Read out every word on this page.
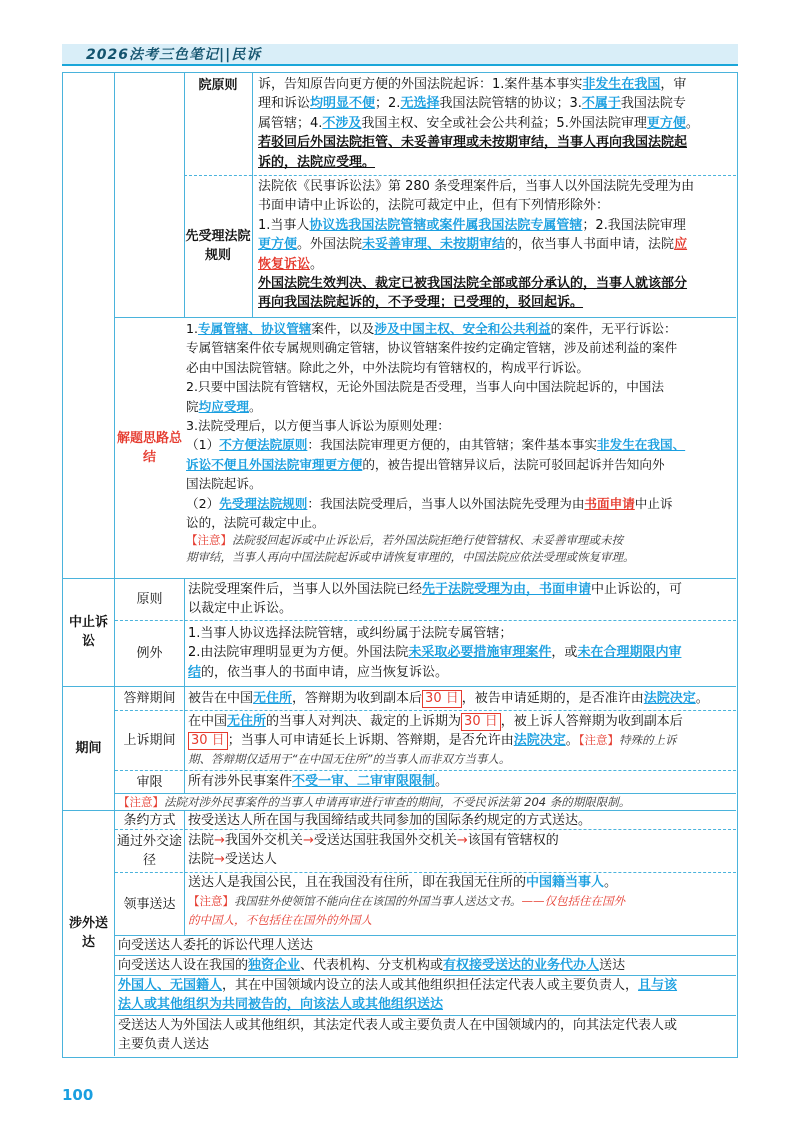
2026法考三色笔记||民诉
院原则	诉，告知原告向更方便的外国法院起诉：1.案件基本事实非发生在我国，审
理和诉讼均明显不便；2.无选择我国法院管辖的协议；3.不属于我国法院专
属管辖；4.不涉及我国主权、安全或社会公共利益；5.外国法院审理更方便。
若驳回后外国法院拒管、未妥善审理或未按期审结，当事人再向我国法院起
诉的，法院应受理。
先受理法院规则
法院依《民事诉讼法》第 280 条受理案件后，当事人以外国法院先受理为由
书面申请中止诉讼的，法院可裁定中止，但有下列情形除外：
1.当事人协议选我国法院管辖或案件属我国法院专属管辖；2.我国法院审理
更方便。外国法院未妥善审理、未按期审结的，依当事人书面申请，法院应
恢复诉讼。
外国法院生效判决、裁定已被我国法院全部或部分承认的，当事人就该部分
再向我国法院起诉的，不予受理；已受理的，驳回起诉。
解题思路总结
1.专属管辖、协议管辖案件，以及涉及中国主权、安全和公共利益的案件，无平行诉讼：
专属管辖案件依专属规则确定管辖，协议管辖案件按约定确定管辖，涉及前述利益的案件
必由中国法院管辖。除此之外，中外法院均有管辖权的，构成平行诉讼。
2.只要中国法院有管辖权，无论外国法院是否受理，当事人向中国法院起诉的，中国法
院均应受理。
3.法院受理后，以方便当事人诉讼为原则处理：
（1）不方便法院原则：我国法院审理更方便的，由其管辖；案件基本事实非发生在我国、
诉讼不便且外国法院审理更方便的，被告提出管辖异议后，法院可驳回起诉并告知向外
国法院起诉。
（2）先受理法院规则：我国法院受理后，当事人以外国法院先受理为由书面申请中止诉
讼的，法院可裁定中止。
【注意】法院驳回起诉或中止诉讼后，若外国法院拒绝行使管辖权、未妥善审理或未按
期审结，当事人再向中国法院起诉或申请恢复审理的，中国法院应依法受理或恢复审理。
中止诉讼
原则
法院受理案件后，当事人以外国法院已经先于法院受理为由，书面申请中止诉讼的，可
以裁定中止诉讼。
例外
1.当事人协议选择法院管辖，或纠纷属于法院专属管辖；
2.由法院审理明显更为方便。外国法院未采取必要措施审理案件，或未在合理期限内审
结的，依当事人的书面申请，应当恢复诉讼。
期间
答辩期间 被告在中国无住所，答辩期为收到副本后 30 日 ，被告申请延期的，是否准许由法院决定。
上诉期间
在中国无住所的当事人对判决、裁定的上诉期为 30 日 ，被上诉人答辩期为收到副本后
30 日 ；当事人可申请延长上诉期、答辩期，是否允许由法院决定。【注意】特殊的上诉
期、答辩期仅适用于“在中国无住所”的当事人而非双方当事人。
审限	所有涉外民事案件不受一审、二审审限限制。
【注意】法院对涉外民事案件的当事人申请再审进行审查的期间，不受民诉法第 204 条的期限限制。
涉外送达
条约方式 按受送达人所在国与我国缔结或共同参加的国际条约规定的方式送达。
通过外交途径
法院→我国外交机关→受送达国驻我国外交机关→该国有管辖权的
法院→受送达人
领事送达
送达人是我国公民，且在我国没有住所，即在我国无住所的中国籍当事人。
【注意】我国驻外使领馆不能向住在该国的外国当事人送达文书。——仅包括住在国外
的中国人，不包括住在国外的外国人
向受送达人委托的诉讼代理人送达
向受送达人设在我国的独资企业、代表机构、分支机构或有权接受送达的业务代办人送达
外国人、无国籍人，其在中国领域内设立的法人或其他组织担任法定代表人或主要负责人，且与该
法人或其他组织为共同被告的，向该法人或其他组织送达
受送达人为外国法人或其他组织，其法定代表人或主要负责人在中国领域内的，向其法定代表人或
主要负责人送达
100
